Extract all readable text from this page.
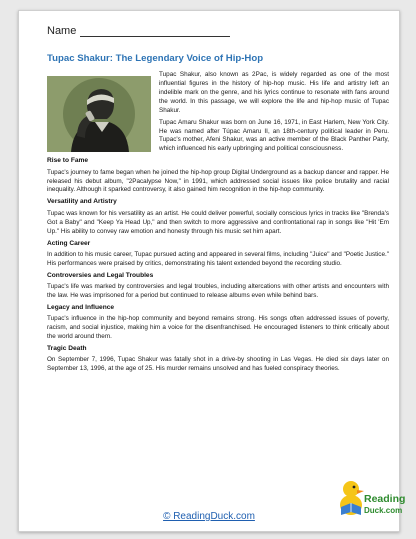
Name
Tupac Shakur: The Legendary Voice of Hip-Hop

Tupac Shakur, also known as 2Pac, is widely regarded as one of the most influential figures in the history of hip-hop music. His life and artistry left an indelible mark on the genre, and his lyrics continue to resonate with fans around the world. In this passage, we will explore the life and hip-hop music of Tupac Shakur.

Tupac Amaru Shakur was born on June 16, 1971, in East Harlem, New York City. He was named after Túpac Amaru II, an 18th-century political leader in Peru. Tupac's mother, Afeni Shakur, was an active member of the Black Panther Party, which influenced his early upbringing and political consciousness.

Rise to Fame

Tupac's journey to fame began when he joined the hip-hop group Digital Underground as a backup dancer and rapper. He released his debut album, "2Pacalypse Now," in 1991, which addressed social issues like police brutality and racial inequality. Although it sparked controversy, it also gained him recognition in the hip-hop community.

Versatility and Artistry

Tupac was known for his versatility as an artist. He could deliver powerful, socially conscious lyrics in tracks like "Brenda's Got a Baby" and "Keep Ya Head Up," and then switch to more aggressive and confrontational rap in songs like "Hit 'Em Up." His ability to convey raw emotion and honesty through his music set him apart.

Acting Career

In addition to his music career, Tupac pursued acting and appeared in several films, including "Juice" and "Poetic Justice." His performances were praised by critics, demonstrating his talent extended beyond the recording studio.

Controversies and Legal Troubles

Tupac's life was marked by controversies and legal troubles, including altercations with other artists and encounters with the law. He was imprisoned for a period but continued to release albums even while behind bars.

Legacy and Influence

Tupac's influence in the hip-hop community and beyond remains strong. His songs often addressed issues of poverty, racism, and social injustice, making him a voice for the disenfranchised. He encouraged listeners to think critically about the world around them.

Tragic Death

On September 7, 1996, Tupac Shakur was fatally shot in a drive-by shooting in Las Vegas. He died six days later on September 13, 1996, at the age of 25. His murder remains unsolved and has fueled conspiracy theories.

© ReadingDuck.com
Reading
Duck.com
